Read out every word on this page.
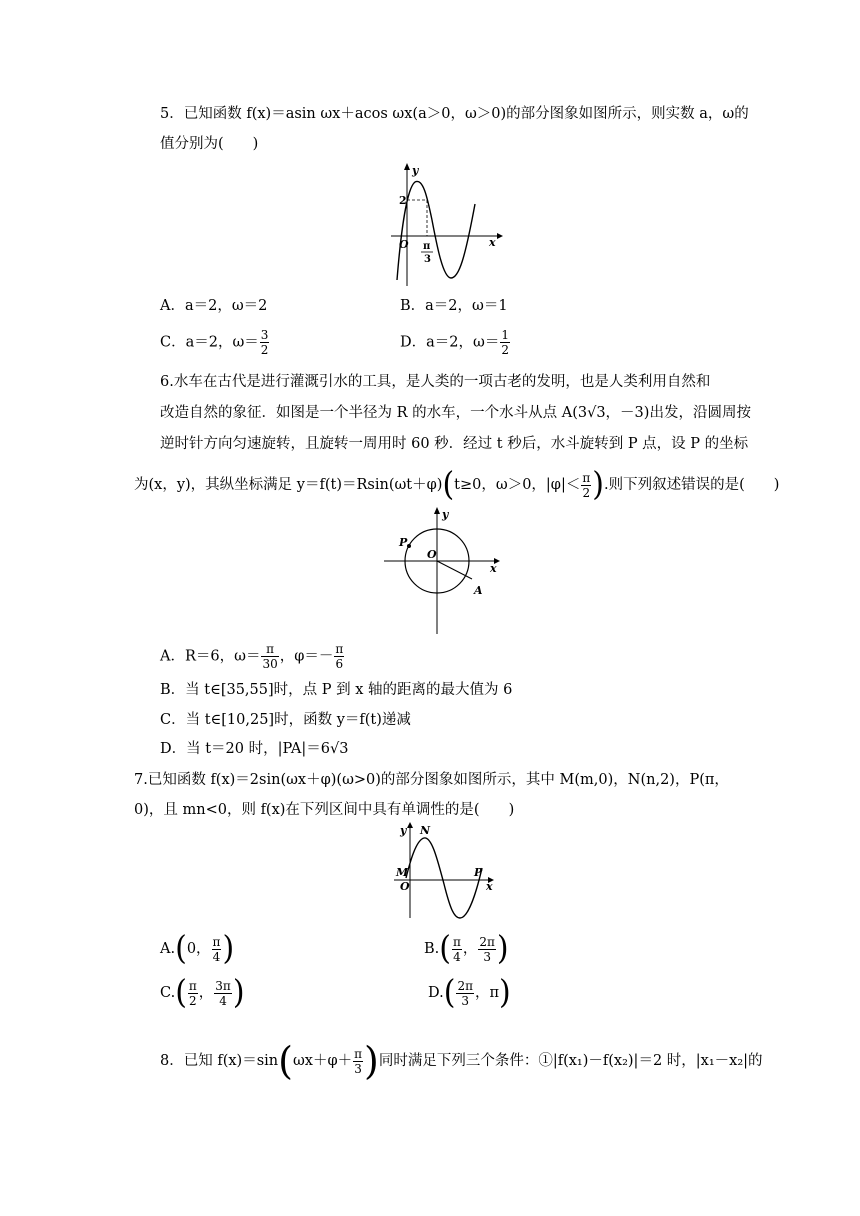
5．已知函数 f(x)＝asin ωx＋acos ωx(a＞0，ω＞0)的部分图象如图所示，则实数 a，ω的
值分别为(　　)
y
x
O
2
π
3
A．a＝2，ω＝2	B．a＝2，ω＝1
C．a＝2，$\omega= \frac{3}{2}$	D．a＝2，$\omega= \frac{1}{2}$
6.水车在古代是进行灌溉引水的工具，是人类的一项古老的发明，也是人类利用自然和
改造自然的象征．如图是一个半径为 R 的水车，一个水斗从点 A(3√3，－3)出发，沿圆周按
逆时针方向匀速旋转，且旋转一周用时 60 秒．经过 t 秒后，水斗旋转到 P 点，设 P 的坐标
为(x，y)，其纵坐标满足 y＝f(t)＝Rsin(ωt＋φ)(t≥0，ω＞0，$|\varphi|< \frac{\pi}{2}$ ).则下列叙述错误的是(　　)
y
x
O
P
A
A．R＝6，$\omega= \frac{\pi}{30}$ ，$\varphi=- \frac{\pi}{6}$
B．当 t∈[35,55]时，点 P 到 x 轴的距离的最大值为 6
C．当 t∈[10,25]时，函数 y＝f(t)递减
D．当 t＝20 时，|PA|＝6√3
7.已知函数 f(x)＝2sin(ωx＋φ)(ω>0)的部分图象如图所示，其中 M(m,0)，N(n,2)，P(π，
0)，且 mn<0，则 f(x)在下列区间中具有单调性的是(　　)
y N
M
O
P
x
A.(0， $\frac{\pi}{4}$ )	$B.( \frac{\pi}{4}$ ， $\frac{2\pi}{3}$ )
$C.( \frac{\pi}{2}$ ， $\frac{3\pi}{4}$ )	$D.( \frac{2\pi}{3}$ ，π)
8．已知 $f(x)=\sin(\omega x+\varphi+ \frac{\pi}{3}$ )同时满足下列三个条件：①|f(x₁)－f(x₂)|＝2 时，|x₁－x₂|的
